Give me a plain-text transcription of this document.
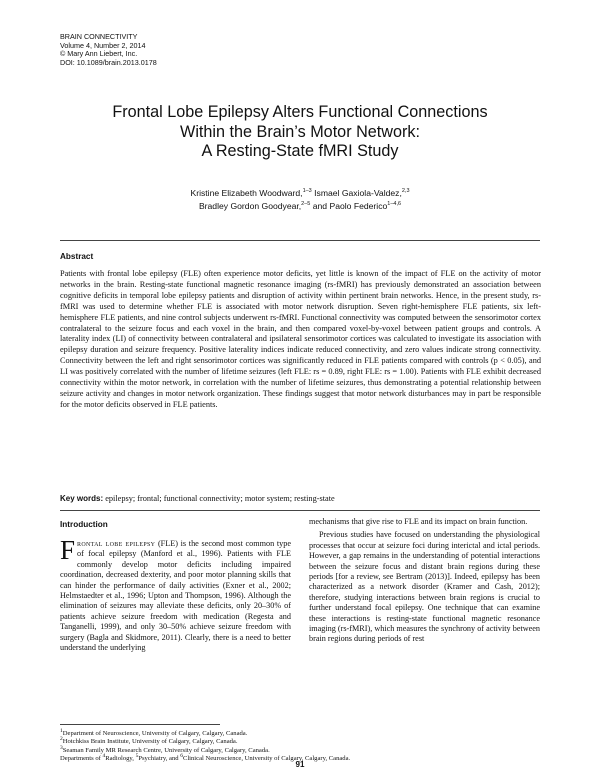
BRAIN CONNECTIVITY
Volume 4, Number 2, 2014
© Mary Ann Liebert, Inc.
DOI: 10.1089/brain.2013.0178
Frontal Lobe Epilepsy Alters Functional Connections
Within the Brain’s Motor Network:
A Resting-State fMRI Study
Kristine Elizabeth Woodward,$^{1-3}$ Ismael Gaxiola-Valdez,$^{2,3}$
Bradley Gordon Goodyear,$^{2-5}$ and Paolo Federico$^{1-4,6}$
Abstract
Patients with frontal lobe epilepsy (FLE) often experience motor deficits, yet little is known of the impact of FLE on the activity of motor networks in the brain. Resting-state functional magnetic resonance imaging (rs-fMRI) has previously demonstrated an association between cognitive deficits in temporal lobe epilepsy patients and disruption of activity within pertinent brain networks. Hence, in the present study, rs-fMRI was used to determine whether FLE is associated with motor network disruption. Seven right-hemisphere FLE patients, six left-hemisphere FLE patients, and nine control subjects underwent rs-fMRI. Functional connectivity was computed between the sensorimotor cortex contralateral to the seizure focus and each voxel in the brain, and then compared voxel-by-voxel between patient groups and controls. A laterality index (LI) of connectivity between contralateral and ipsilateral sensorimotor cortices was calculated to investigate its association with epilepsy duration and seizure frequency. Positive laterality indices indicate reduced connectivity, and zero values indicate strong connectivity. Connectivity between the left and right sensorimotor cortices was significantly reduced in FLE patients compared with controls (p < 0.05), and LI was positively correlated with the number of lifetime seizures (left FLE: rs = 0.89, right FLE: rs = 1.00). Patients with FLE exhibit decreased connectivity within the motor network, in correlation with the number of lifetime seizures, thus demonstrating a potential relationship between seizure activity and changes in motor network organization. These findings suggest that motor network disturbances may in part be responsible for the motor deficits observed in FLE patients.
Key words: epilepsy; frontal; functional connectivity; motor system; resting-state
Introduction

Frontal lobe epilepsy (FLE) is the second most common type of focal epilepsy (Manford et al., 1996). Patients with FLE commonly develop motor deficits including impaired coordination, decreased dexterity, and poor motor planning skills that can hinder the performance of daily activities (Exner et al., 2002; Helmstaedter et al., 1996; Upton and Thompson, 1996). Although the elimination of seizures may alleviate these deficits, only 20–30% of patients achieve seizure freedom with medication (Regesta and Tanganelli, 1999), and only 30–50% achieve seizure freedom with surgery (Bagla and Skidmore, 2011). Clearly, there is a need to better understand the underlying

mechanisms that give rise to FLE and its impact on brain function.

Previous studies have focused on understanding the physiological processes that occur at seizure foci during interictal and ictal periods. However, a gap remains in the understanding of potential interactions between the seizure focus and distant brain regions during these periods [for a review, see Bertram (2013)]. Indeed, epilepsy has been characterized as a network disorder (Kramer and Cash, 2012); therefore, studying interactions between brain regions is crucial to further understand focal epilepsy. One technique that can examine these interactions is resting-state functional magnetic resonance imaging (rs-fMRI), which measures the synchrony of activity between brain regions during periods of rest

$^1$Department of Neuroscience, University of Calgary, Calgary, Canada.
$^2$Hotchkiss Brain Institute, University of Calgary, Calgary, Canada.
$^3$Seaman Family MR Research Centre, University of Calgary, Calgary, Canada.
Departments of $^4$Radiology, $^5$Psychiatry, and $^6$Clinical Neuroscience, University of Calgary, Calgary, Canada.
91
